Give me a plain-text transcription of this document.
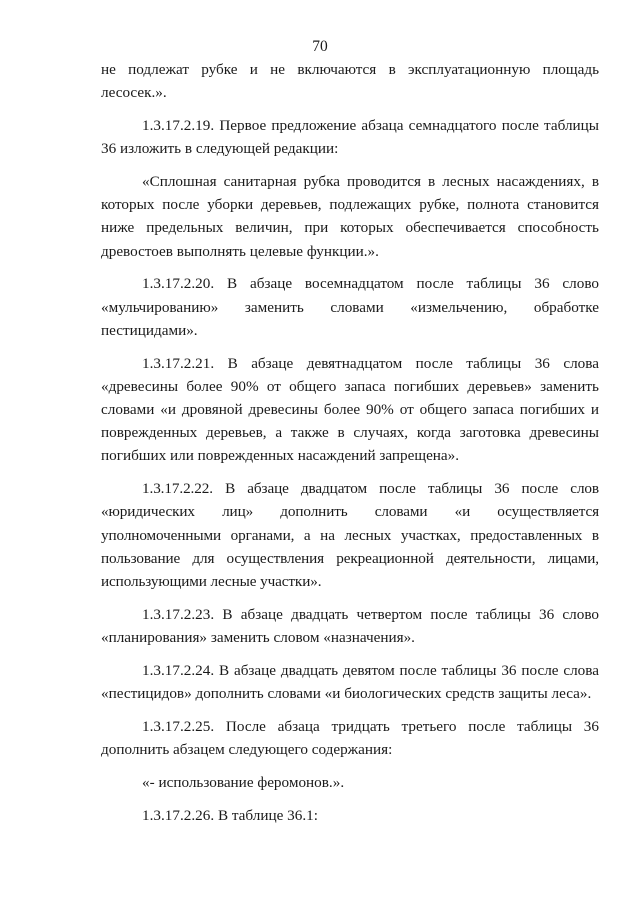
70

не подлежат рубке и не включаются в эксплуатационную площадь лесосек.».

1.3.17.2.19. Первое предложение абзаца семнадцатого после таблицы 36 изложить в следующей редакции:

«Сплошная санитарная рубка проводится в лесных насаждениях, в которых после уборки деревьев, подлежащих рубке, полнота становится ниже предельных величин, при которых обеспечивается способность древостоев выполнять целевые функции.».

1.3.17.2.20. В абзаце восемнадцатом после таблицы 36 слово «мульчированию» заменить словами «измельчению, обработке пестицидами».

1.3.17.2.21. В абзаце девятнадцатом после таблицы 36 слова «древесины более 90% от общего запаса погибших деревьев» заменить словами «и дровяной древесины более 90% от общего запаса погибших и поврежденных деревьев, а также в случаях, когда заготовка древесины погибших или поврежденных насаждений запрещена».

1.3.17.2.22. В абзаце двадцатом после таблицы 36 после слов «юридических лиц» дополнить словами «и осуществляется уполномоченными органами, а на лесных участках, предоставленных в пользование для осуществления рекреационной деятельности, лицами, использующими лесные участки».

1.3.17.2.23. В абзаце двадцать четвертом после таблицы 36 слово «планирования» заменить словом «назначения».

1.3.17.2.24. В абзаце двадцать девятом после таблицы 36 после слова «пестицидов» дополнить словами «и биологических средств защиты леса».

1.3.17.2.25. После абзаца тридцать третьего после таблицы 36 дополнить абзацем следующего содержания:

«- использование феромонов.».

1.3.17.2.26. В таблице 36.1:
